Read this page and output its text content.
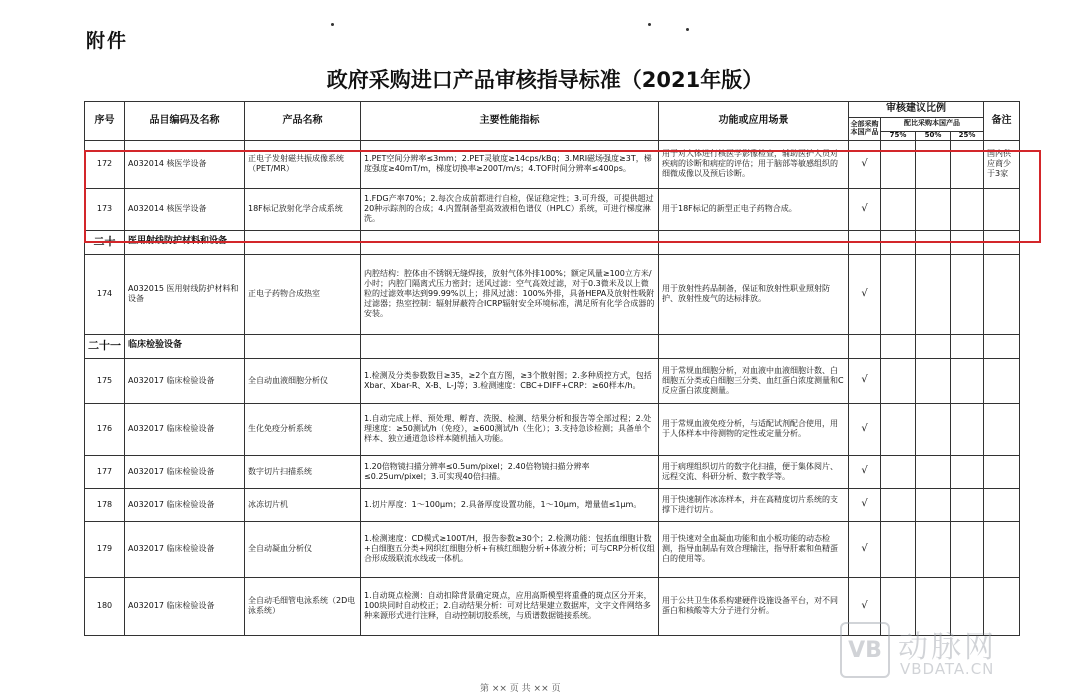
附件
政府采购进口产品审核指导标准（2021年版）
序号	品目编码及名称	产品名称	主要性能指标	功能或应用场景	审核建议比例				备注
					全部采购本国产品	配比采购本国产品			
						75%	50%	25%	
172	A032014 核医学设备	正电子发射磁共振成像系统（PET/MR）	1.PET空间分辨率≤3mm；2.PET灵敏度≥14cps/kBq；3.MRI磁场强度≥3T，梯度强度≥40mT/m，梯度切换率≥200T/m/s；4.TOF时间分辨率≤400ps。	用于对人体进行核医学影像检查，辅助医护人员对疾病的诊断和病症的评估；用于脑部等敏感组织的细微成像以及预后诊断。	√				国内供应商少于3家
173	A032014 核医学设备	18F标记放射化学合成系统	1.FDG产率70%；2.每次合成前都进行自检，保证稳定性；3.可升级，可提供超过20种示踪剂的合成；4.内置制备型高效液相色谱仪（HPLC）系统，可进行梯度淋洗。	用于18F标记的新型正电子药物合成。	√				
二十	医用射线防护材料和设备								
174	A032015 医用射线防护材料和设备	正电子药物合成热室	内腔结构：腔体由不锈钢无缝焊接，放射气体外排100%；额定风量≥100立方米/小时；内腔门隔离式压力密封；送风过滤：空气高效过滤，对于0.3微米及以上微粒的过滤效率达到99.99%以上；排风过滤：100%外排，具备HEPA及放射性吸附过滤器；热室控制：辐射屏蔽符合ICRP辐射安全环境标准，满足所有化学合成器的安装。	用于放射性药品制备，保证和放射性职业照射防护、放射性废气的达标排放。	√				
二十一	临床检验设备								
175	A032017 临床检验设备	全自动血液细胞分析仪	1.检测及分类参数数目≥35，≥2个直方图，≥3个散射图；2.多种质控方式，包括Xbar、Xbar-R、X-B、L-J等；3.检测速度：CBC+DIFF+CRP：≥60样本/h。	用于常规血细胞分析，对血液中血液细胞计数、白细胞五分类或白细胞三分类、血红蛋白浓度测量和C反应蛋白浓度测量。	√				
176	A032017 临床检验设备	生化免疫分析系统	1.自动完成上样、预处理、孵育、洗脱、检测、结果分析和报告等全部过程；2.处理速度：≥50测试/h（免疫），≥600测试/h（生化）；3.支持急诊检测；具备单个样本、独立通道急诊样本随机插入功能。	用于常规血液免疫分析，与适配试剂配合使用，用于人体样本中待测物的定性或定量分析。	√				
177	A032017 临床检验设备	数字切片扫描系统	1.20倍物镜扫描分辨率≤0.5um/pixel；2.40倍物镜扫描分辨率≤0.25um/pixel；3.可实现40倍扫描。	用于病理组织切片的数字化扫描，便于集体阅片、远程交流、科研分析、数字教学等。	√				
178	A032017 临床检验设备	冰冻切片机	1.切片厚度：1～100μm；2.具备厚度设置功能，1～10μm，增量值≤1μm。	用于快速制作冰冻样本，并在高精度切片系统的支撑下进行切片。	√				
179	A032017 临床检验设备	全自动凝血分析仪	1.检测速度：CD模式≥100T/H，报告参数≥30个；2.检测功能：包括血细胞计数+白细胞五分类+网织红细胞分析+有核红细胞分析+体液分析；可与CRP分析仪组合形成级联流水线或一体机。	用于快速对全血凝血功能和血小板功能的动态检测，指导血制品有效合理输注，指导肝素和鱼精蛋白的使用等。	√				
180	A032017 临床检验设备	全自动毛细管电泳系统（2D电泳系统）	1.自动斑点检测：自动扣除背景确定斑点，应用高斯模型将重叠的斑点区分开来，100块同时自动校正；2.自动结果分析：可对比结果建立数据库，文字文件网络多种来源形式进行注释，自动控制切胶系统，与质谱数据链接系统。	用于公共卫生体系构建硬件设施设备平台，对不同蛋白和核酸等大分子进行分析。	√				
VB 动脉网
VBDATA.CN
第 ×× 页 共 ×× 页
